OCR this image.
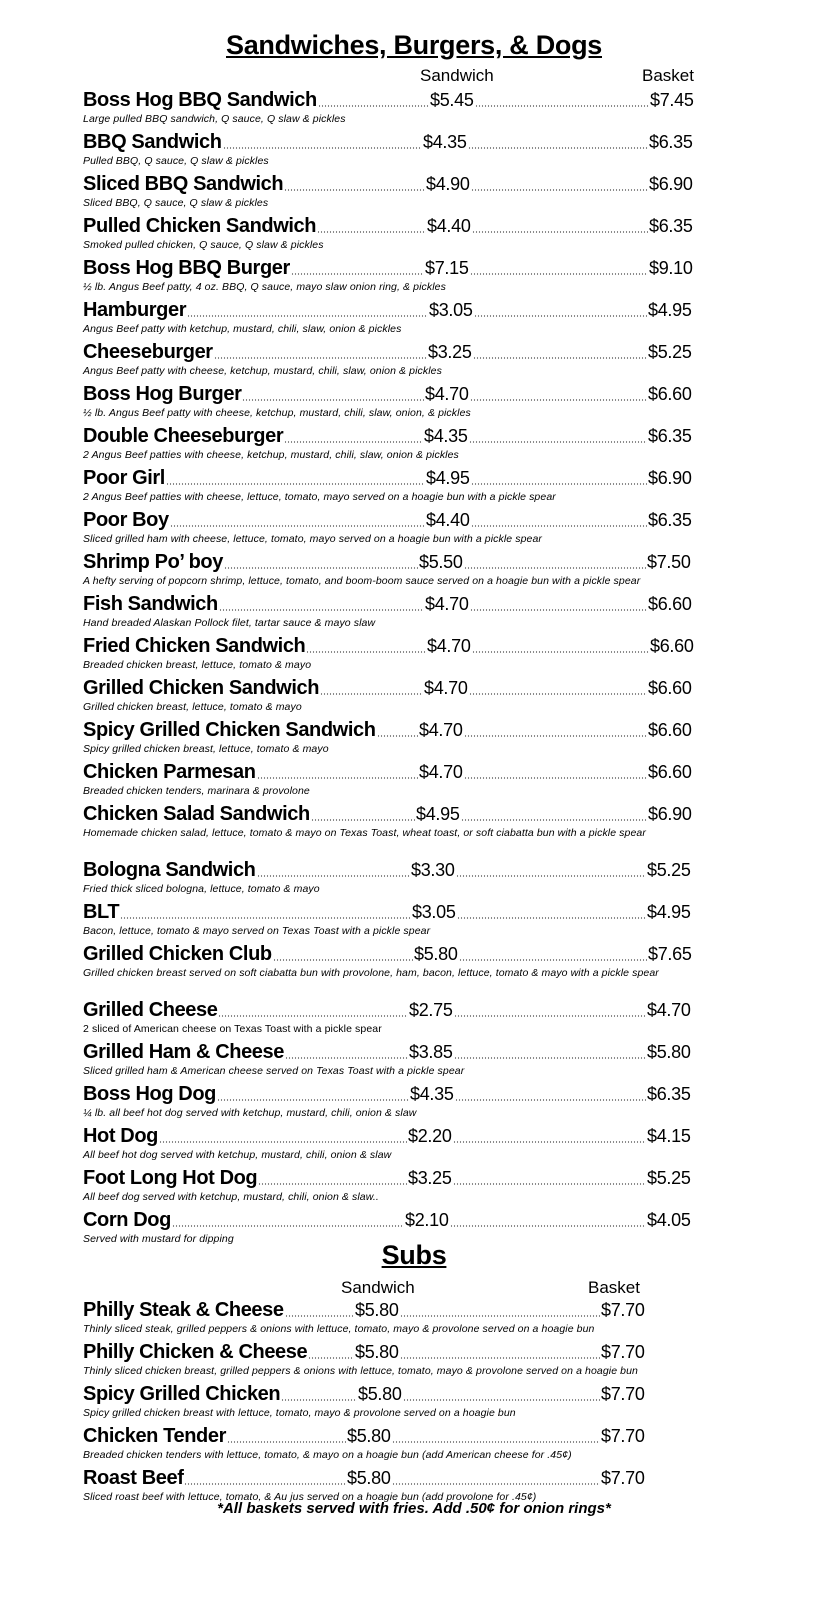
Sandwiches, Burgers, & Dogs
Sandwich	Basket
Boss Hog BBQ Sandwich	$5.45	$7.45
Large pulled BBQ sandwich, Q sauce, Q slaw & pickles
BBQ Sandwich	$4.35	$6.35
Pulled BBQ, Q sauce, Q slaw & pickles
Sliced BBQ Sandwich	$4.90	$6.90
Sliced BBQ, Q sauce, Q slaw & pickles
Pulled Chicken Sandwich	$4.40	$6.35
Smoked pulled chicken, Q sauce, Q slaw & pickles
Boss Hog BBQ Burger	$7.15	$9.10
½ lb. Angus Beef patty, 4 oz. BBQ, Q sauce, mayo slaw onion ring, & pickles
Hamburger	$3.05	$4.95
Angus Beef patty with ketchup, mustard, chili, slaw, onion & pickles
Cheeseburger	$3.25	$5.25
Angus Beef patty with cheese, ketchup, mustard, chili, slaw, onion & pickles
Boss Hog Burger	$4.70	$6.60
½ lb. Angus Beef patty with cheese, ketchup, mustard, chili, slaw, onion, & pickles
Double Cheeseburger	$4.35	$6.35
2 Angus Beef patties with cheese, ketchup, mustard, chili, slaw, onion & pickles
Poor Girl	$4.95	$6.90
2 Angus Beef patties with cheese, lettuce, tomato, mayo served on a hoagie bun with a pickle spear
Poor Boy	$4.40	$6.35
Sliced grilled ham with cheese, lettuce, tomato, mayo served on a hoagie bun with a pickle spear
Shrimp Po’ boy	$5.50	$7.50
A hefty serving of popcorn shrimp, lettuce, tomato, and boom-boom sauce served on a hoagie bun with a pickle spear
Fish Sandwich	$4.70	$6.60
Hand breaded Alaskan Pollock filet, tartar sauce & mayo slaw
Fried Chicken Sandwich	$4.70	$6.60
Breaded chicken breast, lettuce, tomato & mayo
Grilled Chicken Sandwich	$4.70	$6.60
Grilled chicken breast, lettuce, tomato & mayo
Spicy Grilled Chicken Sandwich $4.70	$6.60
Spicy grilled chicken breast, lettuce, tomato & mayo
Chicken Parmesan	$4.70	$6.60
Breaded chicken tenders, marinara & provolone
Chicken Salad Sandwich	$4.95	$6.90
Homemade chicken salad, lettuce, tomato & mayo on Texas Toast, wheat toast, or soft ciabatta bun with a pickle spear
Bologna Sandwich	$3.30	$5.25
Fried thick sliced bologna, lettuce, tomato & mayo
BLT	$3.05	$4.95
Bacon, lettuce, tomato & mayo served on Texas Toast with a pickle spear
Grilled Chicken Club	$5.80	$7.65
Grilled chicken breast served on soft ciabatta bun with provolone, ham, bacon, lettuce, tomato & mayo with a pickle spear
Grilled Cheese	$2.75	$4.70
2 sliced of American cheese on Texas Toast with a pickle spear
Grilled Ham & Cheese	$3.85	$5.80
Sliced grilled ham & American cheese served on Texas Toast with a pickle spear
Boss Hog Dog	$4.35	$6.35
¼ lb. all beef hot dog served with ketchup, mustard, chili, onion & slaw
Hot Dog	$2.20	$4.15
All beef hot dog served with ketchup, mustard, chili, onion & slaw
Foot Long Hot Dog	$3.25	$5.25
All beef dog served with ketchup, mustard, chili, onion & slaw..
Corn Dog	$2.10	$4.05
Served with mustard for dipping
Subs
Sandwich	Basket
Philly Steak & Cheese	$5.80	$7.70
Thinly sliced steak, grilled peppers & onions with lettuce, tomato, mayo & provolone served on a hoagie bun
Philly Chicken & Cheese	$5.80	$7.70
Thinly sliced chicken breast, grilled peppers & onions with lettuce, tomato, mayo & provolone served on a hoagie bun
Spicy Grilled Chicken	$5.80	$7.70
Spicy grilled chicken breast with lettuce, tomato, mayo & provolone served on a hoagie bun
Chicken Tender	$5.80	$7.70
Breaded chicken tenders with lettuce, tomato, & mayo on a hoagie bun (add American cheese for .45¢)
Roast Beef	$5.80	$7.70
Sliced roast beef with lettuce, tomato, & Au jus served on a hoagie bun (add provolone for .45¢)
*All baskets served with fries. Add .50¢ for onion rings*
